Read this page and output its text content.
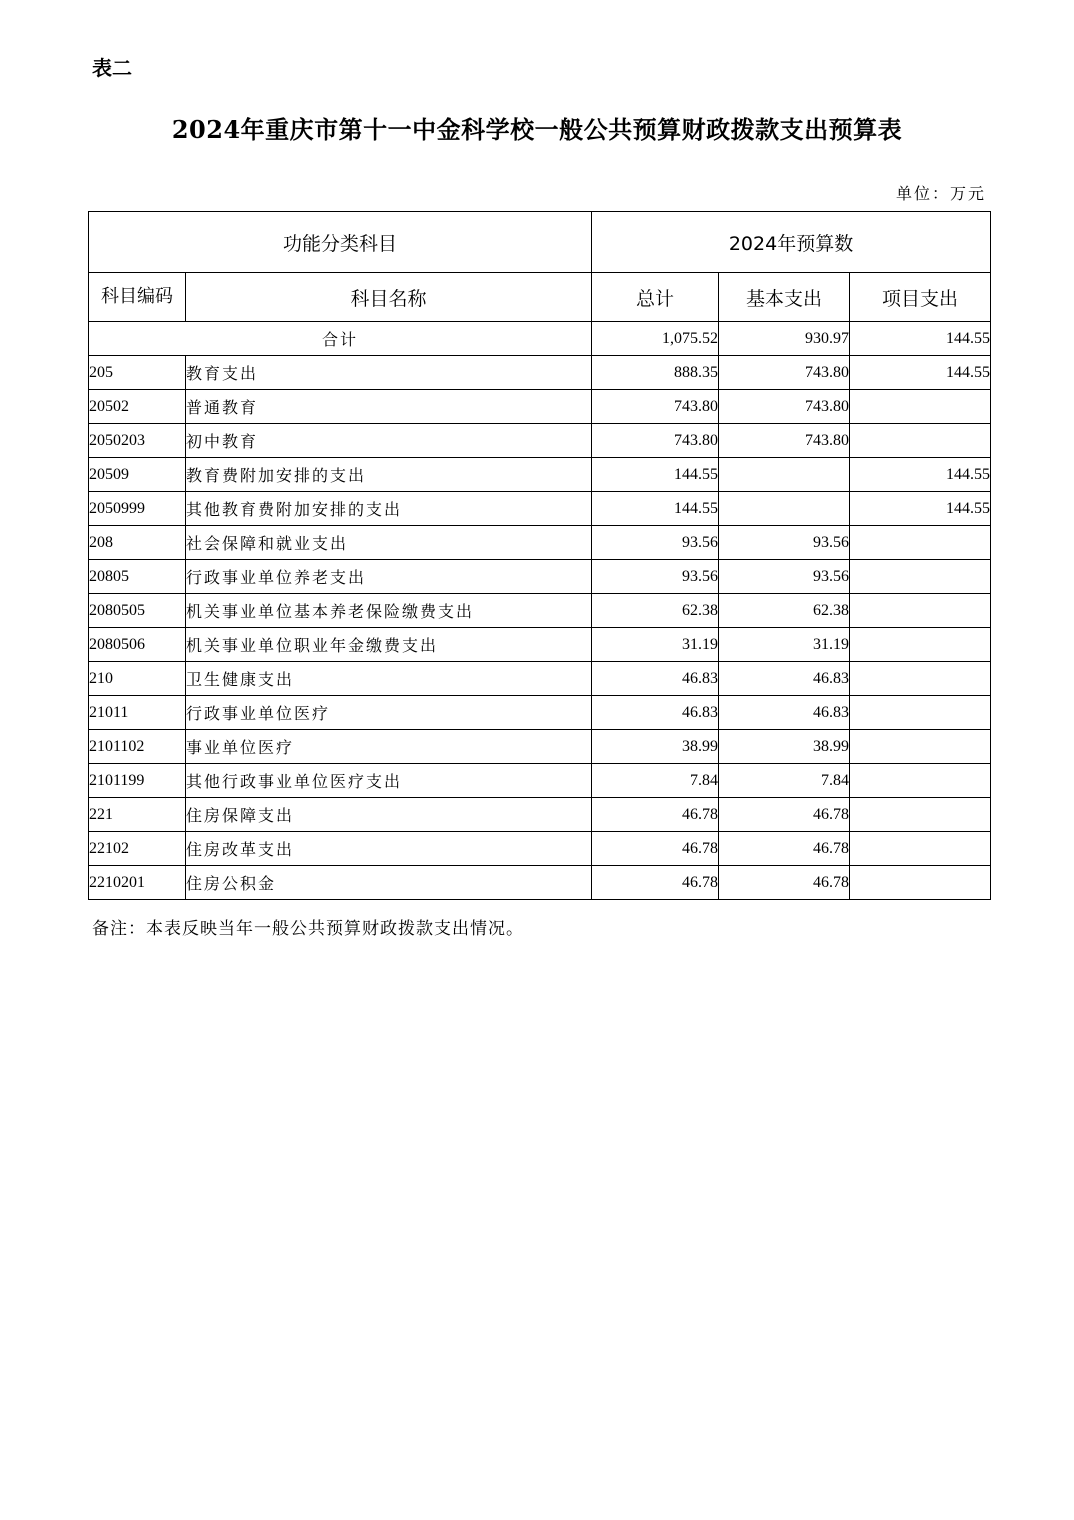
表二
2024年重庆市第十一中金科学校一般公共预算财政拨款支出预算表
单位：万元
功能分类科目		2024年预算数		
科目编码	科目名称	总计	基本支出	项目支出
合计		1,075.52	930.97	144.55
205	教育支出	888.35	743.80	144.55
20502	普通教育	743.80	743.80	
2050203	初中教育	743.80	743.80	
20509	教育费附加安排的支出	144.55		144.55
2050999	其他教育费附加安排的支出	144.55		144.55
208	社会保障和就业支出	93.56	93.56	
20805	行政事业单位养老支出	93.56	93.56	
2080505	机关事业单位基本养老保险缴费支出	62.38	62.38	
2080506	机关事业单位职业年金缴费支出	31.19	31.19	
210	卫生健康支出	46.83	46.83	
21011	行政事业单位医疗	46.83	46.83	
2101102	事业单位医疗	38.99	38.99	
2101199	其他行政事业单位医疗支出	7.84	7.84	
221	住房保障支出	46.78	46.78	
22102	住房改革支出	46.78	46.78	
2210201	住房公积金	46.78	46.78	
备注：本表反映当年一般公共预算财政拨款支出情况。
